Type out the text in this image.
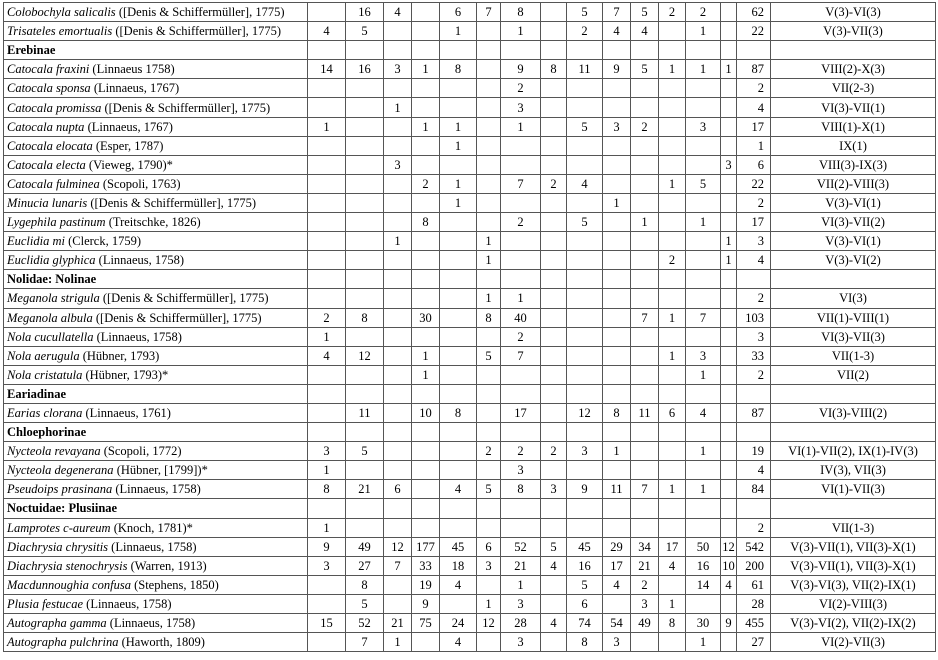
Colobochyla salicalis ([Denis & Schiffermüller], 1775)		16	4		6	7	8		5	7	5	2	2		62	V(3)-VI(3)
Trisateles emortualis ([Denis & Schiffermüller], 1775)	4	5			1		1		2	4	4		1		22	V(3)-VII(3)
Erebinae																
Catocala fraxini (Linnaeus 1758)	14	16	3	1	8		9	8	11	9	5	1	1	1	87	VIII(2)-X(3)
Catocala sponsa (Linnaeus, 1767)							2								2	VII(2-3)
Catocala promissa ([Denis & Schiffermüller], 1775)			1				3								4	VI(3)-VII(1)
Catocala nupta (Linnaeus, 1767)	1			1	1		1		5	3	2		3		17	VIII(1)-X(1)
Catocala elocata (Esper, 1787)					1										1	IX(1)
Catocala electa (Vieweg, 1790)*			3											3	6	VIII(3)-IX(3)
Catocala fulminea (Scopoli, 1763)				2	1		7	2	4			1	5		22	VII(2)-VIII(3)
Minucia lunaris ([Denis & Schiffermüller], 1775)					1					1					2	V(3)-VI(1)
Lygephila pastinum (Treitschke, 1826)				8			2		5		1		1		17	VI(3)-VII(2)
Euclidia mi (Clerck, 1759)			1			1								1	3	V(3)-VI(1)
Euclidia glyphica (Linnaeus, 1758)						1						2		1	4	V(3)-VI(2)
Nolidae: Nolinae																
Meganola strigula ([Denis & Schiffermüller], 1775)						1	1								2	VI(3)
Meganola albula ([Denis & Schiffermüller], 1775)	2	8		30		8	40				7	1	7		103	VII(1)-VIII(1)
Nola cucullatella (Linnaeus, 1758)	1						2								3	VI(3)-VII(3)
Nola aerugula (Hübner, 1793)	4	12		1		5	7					1	3		33	VII(1-3)
Nola cristatula (Hübner, 1793)*				1									1		2	VII(2)
Eariadinae																
Earias clorana (Linnaeus, 1761)		11		10	8		17		12	8	11	6	4		87	VI(3)-VIII(2)
Chloephorinae																
Nycteola revayana (Scopoli, 1772)	3	5				2	2	2	3	1			1		19	VI(1)-VII(2), IX(1)-IV(3)
Nycteola degenerana (Hübner, [1799])*	1						3								4	IV(3), VII(3)
Pseudoips prasinana (Linnaeus, 1758)	8	21	6		4	5	8	3	9	11	7	1	1		84	VI(1)-VII(3)
Noctuidae: Plusiinae																
Lamprotes c-aureum (Knoch, 1781)*	1														2	VII(1-3)
Diachrysia chrysitis (Linnaeus, 1758)	9	49	12	177	45	6	52	5	45	29	34	17	50	12	542	V(3)-VII(1), VII(3)-X(1)
Diachrysia stenochrysis (Warren, 1913)	3	27	7	33	18	3	21	4	16	17	21	4	16	10	200	V(3)-VII(1), VII(3)-X(1)
Macdunnoughia confusa (Stephens, 1850)		8		19	4		1		5	4	2		14	4	61	V(3)-VI(3), VII(2)-IX(1)
Plusia festucae (Linnaeus, 1758)		5		9		1	3		6		3	1			28	VI(2)-VIII(3)
Autographa gamma (Linnaeus, 1758)	15	52	21	75	24	12	28	4	74	54	49	8	30	9	455	V(3)-VI(2), VII(2)-IX(2)
Autographa pulchrina (Haworth, 1809)		7	1		4		3		8	3			1		27	VI(2)-VII(3)
